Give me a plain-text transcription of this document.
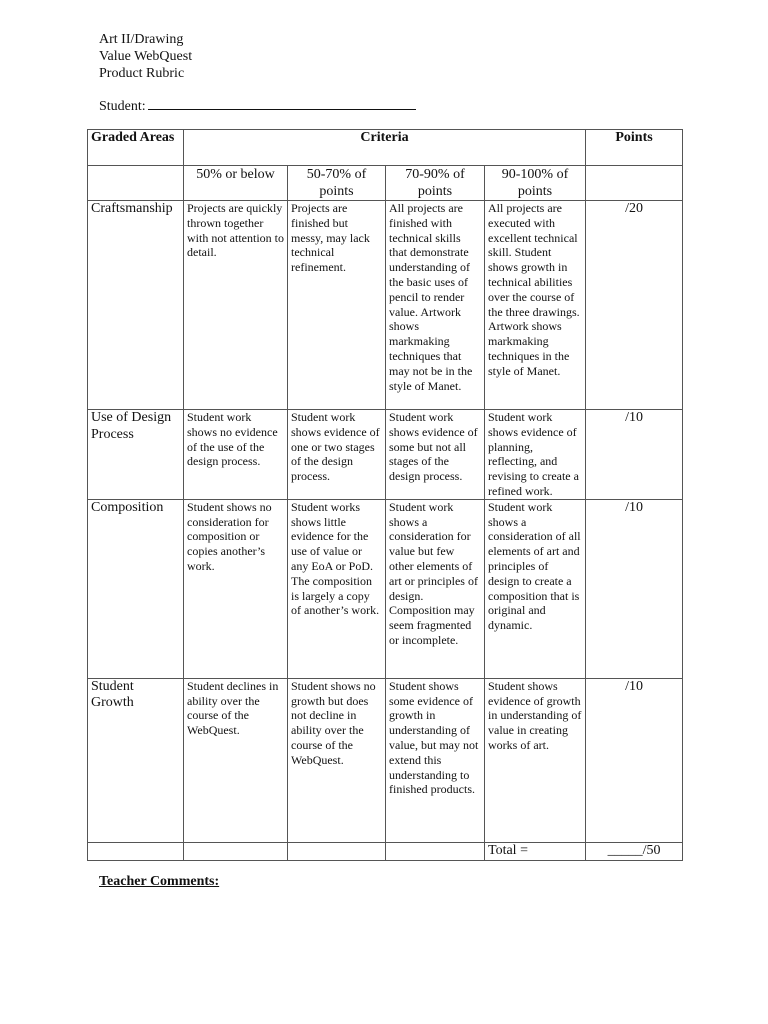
Art II/Drawing
Value WebQuest
Product Rubric
Student:
Graded Areas	Criteria				Points
	50% or below	50-70% of points	70-90% of points	90-100% of points	
Craftsmanship	Projects are quickly thrown together with not attention to detail.	Projects are finished but messy, may lack technical refinement.	All projects are finished with technical skills that demonstrate understanding of the basic uses of pencil to render value. Artwork shows markmaking techniques that may not be in the style of Manet.	All projects are executed with excellent technical skill. Student shows growth in technical abilities over the course of the three drawings. Artwork shows markmaking techniques in the style of Manet.	/20
Use of Design Process	Student work shows no evidence of the use of the design process.	Student work shows evidence of one or two stages of the design process.	Student work shows evidence of some but not all stages of the design process.	Student work shows evidence of planning, reflecting, and revising to create a refined work.	/10
Composition	Student shows no consideration for composition or copies another’s work.	Student works shows little evidence for the use of value or any EoA or PoD. The composition is largely a copy of another’s work.	Student work shows a consideration for value but few other elements of art or principles of design. Composition may seem fragmented or incomplete.	Student work shows a consideration of all elements of art and principles of design to create a composition that is original and dynamic.	/10
Student Growth	Student declines in ability over the course of the WebQuest.	Student shows no growth but does not decline in ability over the course of the WebQuest.	Student shows some evidence of growth in understanding of value, but may not extend this understanding to finished products.	Student shows evidence of growth in understanding of value in creating works of art.	/10
				Total =	_____/50
Teacher Comments:
